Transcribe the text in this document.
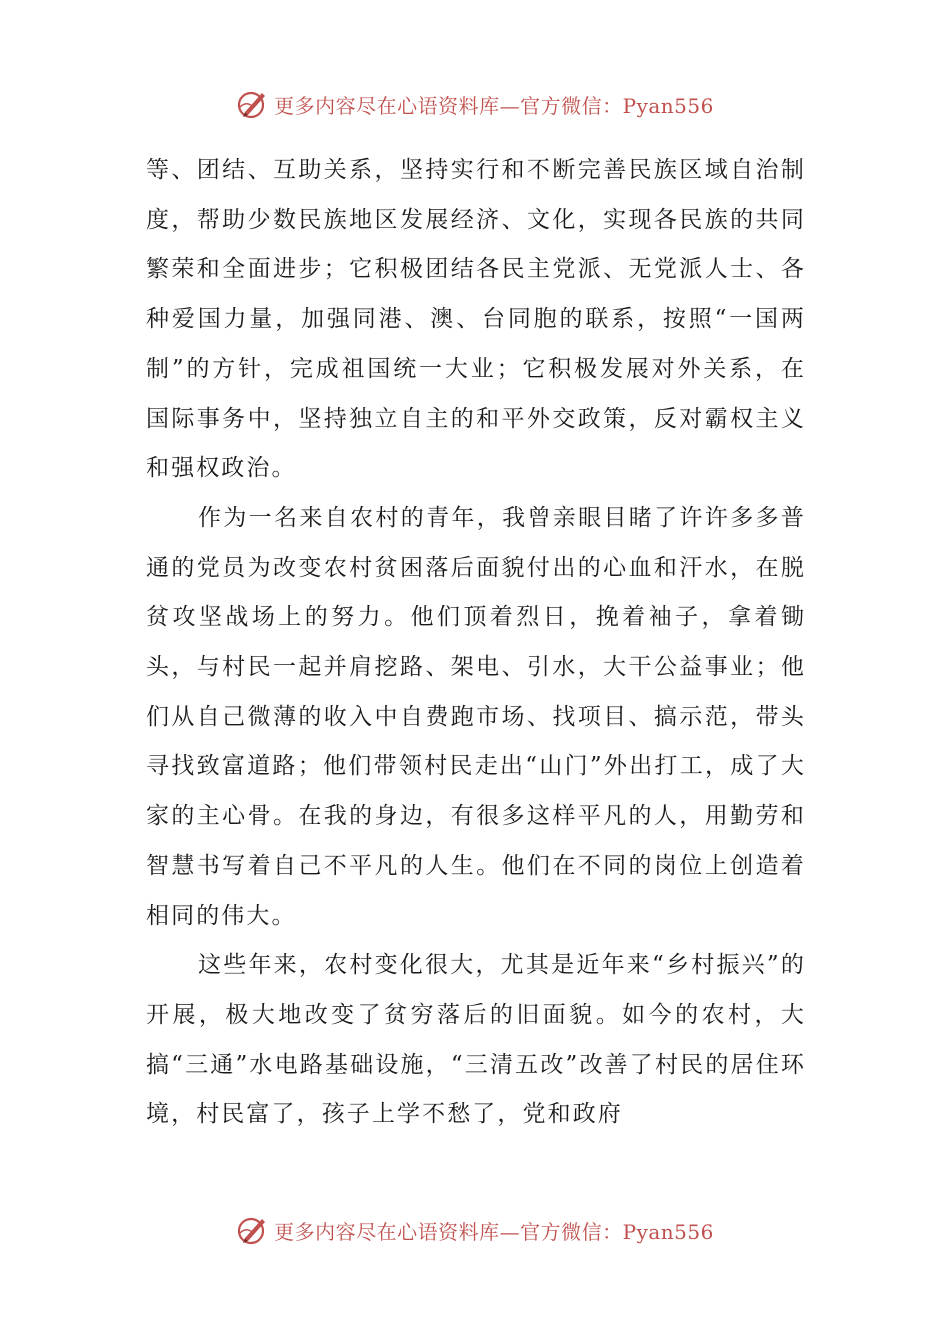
更多内容尽在心语资料库—官方微信：Pyan556

等、团结、互助关系，坚持实行和不断完善民族区域自治制度，帮助少数民族地区发展经济、文化，实现各民族的共同繁荣和全面进步；它积极团结各民主党派、无党派人士、各种爱国力量，加强同港、澳、台同胞的联系，按照“一国两制”的方针，完成祖国统一大业；它积极发展对外关系，在国际事务中，坚持独立自主的和平外交政策，反对霸权主义和强权政治。

作为一名来自农村的青年，我曾亲眼目睹了许许多多普通的党员为改变农村贫困落后面貌付出的心血和汗水，在脱贫攻坚战场上的努力。他们顶着烈日，挽着袖子，拿着锄头，与村民一起并肩挖路、架电、引水，大干公益事业；他们从自己微薄的收入中自费跑市场、找项目、搞示范，带头寻找致富道路；他们带领村民走出“山门”外出打工，成了大家的主心骨。在我的身边，有很多这样平凡的人，用勤劳和智慧书写着自己不平凡的人生。他们在不同的岗位上创造着相同的伟大。

这些年来，农村变化很大，尤其是近年来“乡村振兴”的开展，极大地改变了贫穷落后的旧面貌。如今的农村，大搞“三通”水电路基础设施，“三清五改”改善了村民的居住环境，村民富了，孩子上学不愁了，党和政府

更多内容尽在心语资料库—官方微信：Pyan556
